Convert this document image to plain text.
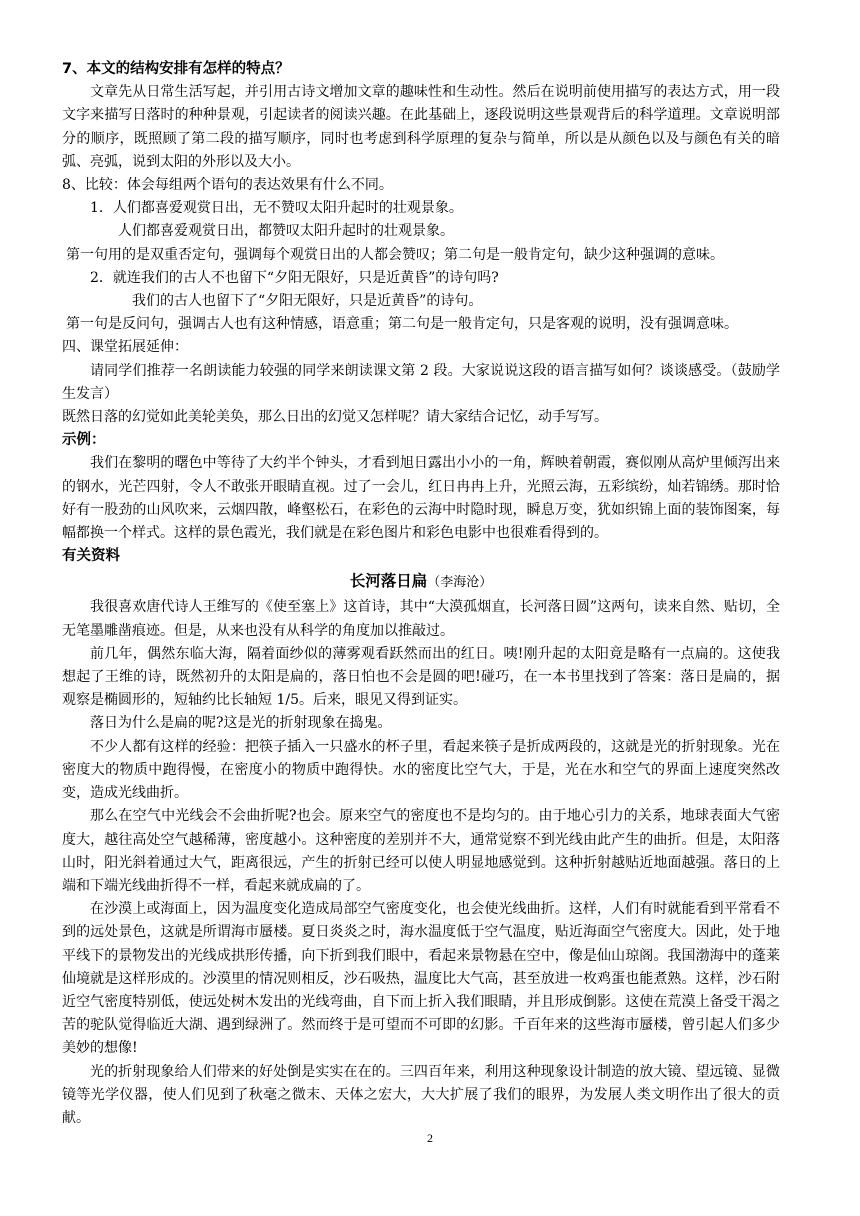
7、本文的结构安排有怎样的特点？

文章先从日常生活写起，并引用古诗文增加文章的趣味性和生动性。然后在说明前使用描写的表达方式，用一段文字来描写日落时的种种景观，引起读者的阅读兴趣。在此基础上，逐段说明这些景观背后的科学道理。文章说明部分的顺序，既照顾了第二段的描写顺序，同时也考虑到科学原理的复杂与简单，所以是从颜色以及与颜色有关的暗弧、亮弧，说到太阳的外形以及大小。

8、比较：体会每组两个语句的表达效果有什么不同。

1．人们都喜爱观赏日出，无不赞叹太阳升起时的壮观景象。

人们都喜爱观赏日出，都赞叹太阳升起时的壮观景象。

第一句用的是双重否定句，强调每个观赏日出的人都会赞叹；第二句是一般肯定句，缺少这种强调的意味。

2．就连我们的古人不也留下“夕阳无限好，只是近黄昏”的诗句吗?

我们的古人也留下了“夕阳无限好，只是近黄昏”的诗句。

第一句是反问句，强调古人也有这种情感，语意重；第二句是一般肯定句，只是客观的说明，没有强调意味。

四、课堂拓展延伸：

请同学们推荐一名朗读能力较强的同学来朗读课文第 2 段。大家说说这段的语言描写如何？谈谈感受。（鼓励学生发言）

既然日落的幻觉如此美轮美奂，那么日出的幻觉又怎样呢？请大家结合记忆，动手写写。

示例：

我们在黎明的曙色中等待了大约半个钟头，才看到旭日露出小小的一角，辉映着朝霞，赛似刚从高炉里倾泻出来的钢水，光芒四射，令人不敢张开眼睛直视。过了一会儿，红日冉冉上升，光照云海，五彩缤纷，灿若锦绣。那时恰好有一股劲的山风吹来，云烟四散，峰壑松石，在彩色的云海中时隐时现，瞬息万变，犹如织锦上面的装饰图案，每幅都换一个样式。这样的景色霞光，我们就是在彩色图片和彩色电影中也很难看得到的。

有关资料

长河落日扁（李海沧）

我很喜欢唐代诗人王维写的《使至塞上》这首诗，其中“大漠孤烟直，长河落日圆”这两句，读来自然、贴切，全无笔墨雕凿痕迹。但是，从来也没有从科学的角度加以推敲过。

前几年，偶然东临大海，隔着面纱似的薄雾观看跃然而出的红日。咦!刚升起的太阳竟是略有一点扁的。这使我想起了王维的诗，既然初升的太阳是扁的，落日怕也不会是圆的吧!碰巧，在一本书里找到了答案：落日是扁的，据观察是椭圆形的，短轴约比长轴短 1/5。后来，眼见又得到证实。

落日为什么是扁的呢?这是光的折射现象在捣鬼。

不少人都有这样的经验：把筷子插入一只盛水的杯子里，看起来筷子是折成两段的，这就是光的折射现象。光在密度大的物质中跑得慢，在密度小的物质中跑得快。水的密度比空气大，于是，光在水和空气的界面上速度突然改变，造成光线曲折。

那么在空气中光线会不会曲折呢?也会。原来空气的密度也不是均匀的。由于地心引力的关系，地球表面大气密度大，越往高处空气越稀薄，密度越小。这种密度的差别并不大，通常觉察不到光线由此产生的曲折。但是，太阳落山时，阳光斜着通过大气，距离很远，产生的折射已经可以使人明显地感觉到。这种折射越贴近地面越强。落日的上端和下端光线曲折得不一样，看起来就成扁的了。

在沙漠上或海面上，因为温度变化造成局部空气密度变化，也会使光线曲折。这样，人们有时就能看到平常看不到的远处景色，这就是所谓海市蜃楼。夏日炎炎之时，海水温度低于空气温度，贴近海面空气密度大。因此，处于地平线下的景物发出的光线成拱形传播，向下折到我们眼中，看起来景物悬在空中，像是仙山琼阁。我国渤海中的蓬莱仙境就是这样形成的。沙漠里的情况则相反，沙石吸热，温度比大气高，甚至放进一枚鸡蛋也能煮熟。这样，沙石附近空气密度特别低，使远处树木发出的光线弯曲，自下而上折入我们眼睛，并且形成倒影。这使在荒漠上备受干渴之苦的驼队觉得临近大湖、遇到绿洲了。然而终于是可望而不可即的幻影。千百年来的这些海市蜃楼，曾引起人们多少美妙的想像!

光的折射现象给人们带来的好处倒是实实在在的。三四百年来，利用这种现象设计制造的放大镜、望远镜、显微镜等光学仪器，使人们见到了秋毫之微末、天体之宏大，大大扩展了我们的眼界，为发展人类文明作出了很大的贡献。

2
